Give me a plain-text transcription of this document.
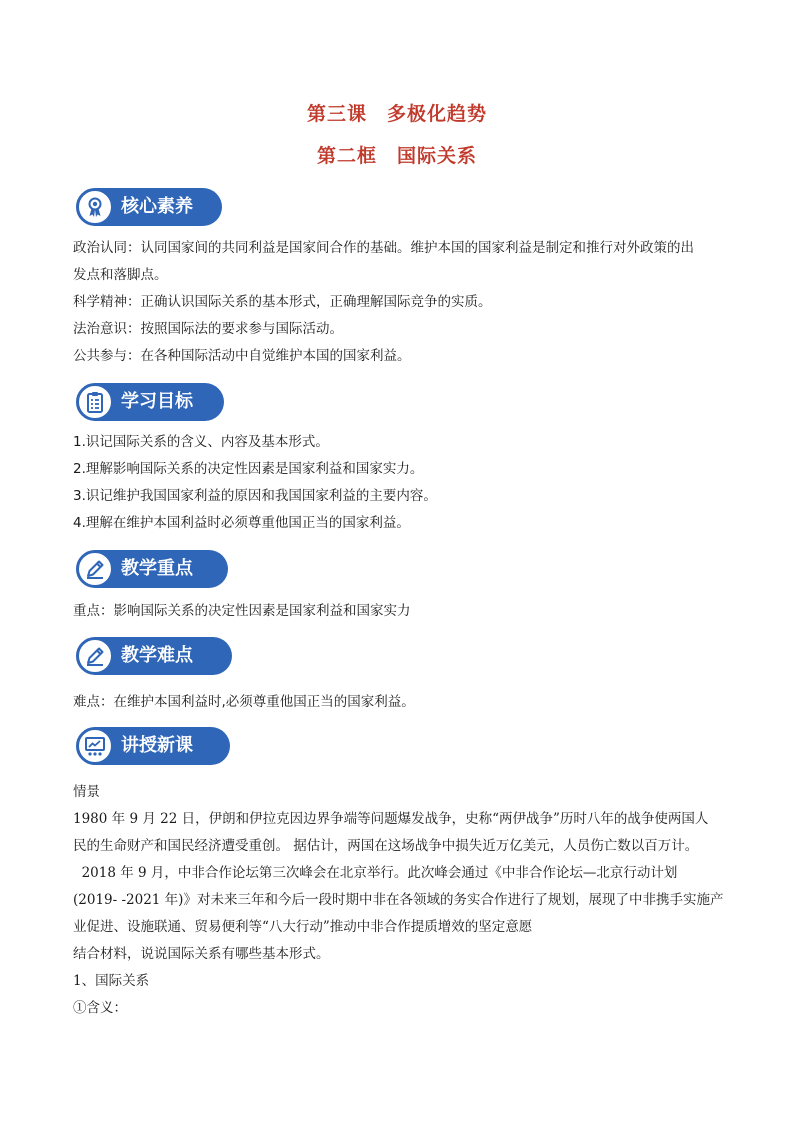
第三课　多极化趋势
第二框　国际关系
核心素养

政治认同：认同国家间的共同利益是国家间合作的基础。维护本国的国家利益是制定和推行对外政策的出

发点和落脚点。

科学精神：正确认识国际关系的基本形式，正确理解国际竞争的实质。

法治意识：按照国际法的要求参与国际活动。

公共参与：在各种国际活动中自觉维护本国的国家利益。

学习目标

1.识记国际关系的含义、内容及基本形式。

2.理解影响国际关系的决定性因素是国家利益和国家实力。

3.识记维护我国国家利益的原因和我国国家利益的主要内容。

4.理解在维护本国利益时必须尊重他国正当的国家利益。

教学重点

重点：影响国际关系的决定性因素是国家利益和国家实力

教学难点

难点：在维护本国利益时,必须尊重他国正当的国家利益。

讲授新课

情景

1980 年 9 月 22 日，伊朗和伊拉克因边界争端等问题爆发战争，史称“两伊战争”历时八年的战争使两国人

民的生命财产和国民经济遭受重创。 据估计，两国在这场战争中损失近万亿美元，人员伤亡数以百万计。

2018 年 9 月，中非合作论坛第三次峰会在北京举行。此次峰会通过《中非合作论坛—北京行动计划

(2019- -2021 年)》对未来三年和今后一段时期中非在各领域的务实合作进行了规划，展现了中非携手实施产

业促进、设施联通、贸易便利等“八大行动”推动中非合作提质增效的坚定意愿

结合材料，说说国际关系有哪些基本形式。

1、国际关系

①含义：
